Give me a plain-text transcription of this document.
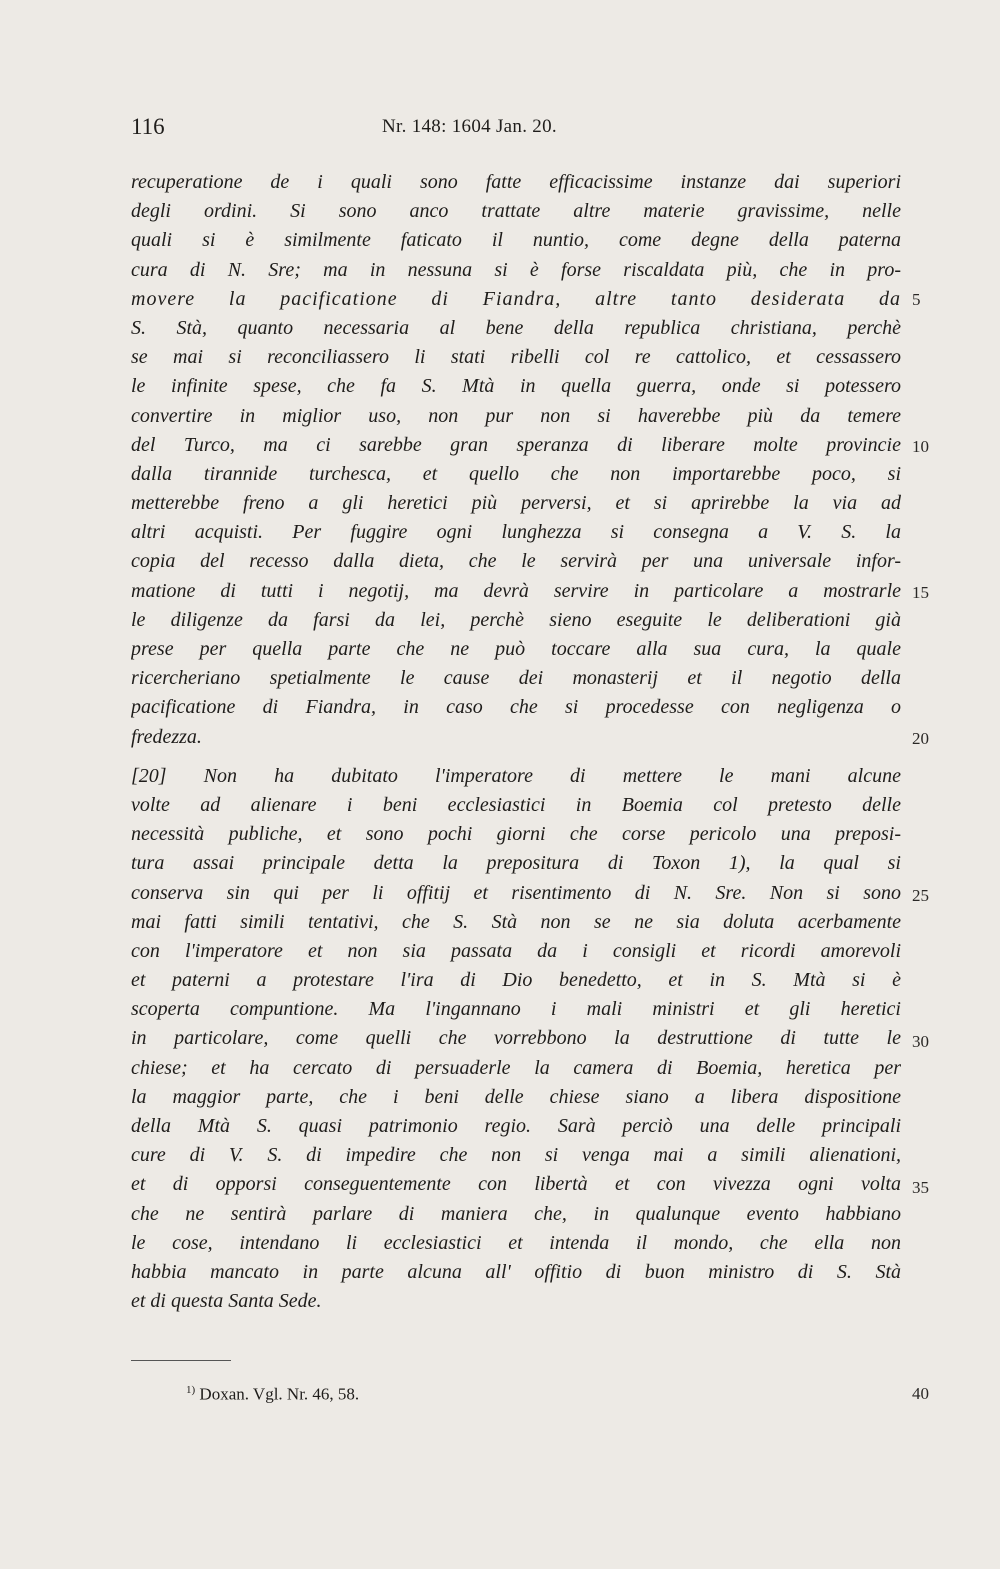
116	Nr. 148: 1604 Jan. 20.
recuperatione de i quali sono fatte efficacissime instanze dai superiori
degli ordini. Si sono anco trattate altre materie gravissime, nelle
quali si è similmente faticato il nuntio, come degne della paterna
cura di N. Sre; ma in nessuna si è forse riscaldata più, che in pro-
movere la pacificatione di Fiandra, altre tanto desiderata da
S. Stà, quanto necessaria al bene della republica christiana, perchè
se mai si reconciliassero li stati ribelli col re cattolico, et cessassero
le infinite spese, che fa S. Mtà in quella guerra, onde si potessero
convertire in miglior uso, non pur non si haverebbe più da temere
del Turco, ma ci sarebbe gran speranza di liberare molte provincie
dalla tirannide turchesca, et quello che non importarebbe poco, si
metterebbe freno a gli heretici più perversi, et si aprirebbe la via ad
altri acquisti. Per fuggire ogni lunghezza si consegna a V. S. la
copia del recesso dalla dieta, che le servirà per una universale infor-
matione di tutti i negotij, ma devrà servire in particolare a mostrarle
le diligenze da farsi da lei, perchè sieno eseguite le deliberationi già
prese per quella parte che ne può toccare alla sua cura, la quale
ricercheriano spetialmente le cause dei monasterij et il negotio della
pacificatione di Fiandra, in caso che si procedesse con negligenza o
fredezza.
[20] Non ha dubitato l'imperatore di mettere le mani alcune
volte ad alienare i beni ecclesiastici in Boemia col pretesto delle
necessità publiche, et sono pochi giorni che corse pericolo una preposi-
tura assai principale detta la prepositura di Toxon 1), la qual si
conserva sin qui per li offitij et risentimento di N. Sre. Non si sono
mai fatti simili tentativi, che S. Stà non se ne sia doluta acerbamente
con l'imperatore et non sia passata da i consigli et ricordi amorevoli
et paterni a protestare l'ira di Dio benedetto, et in S. Mtà si è
scoperta compuntione. Ma l'ingannano i mali ministri et gli heretici
in particolare, come quelli che vorrebbono la destruttione di tutte le
chiese; et ha cercato di persuaderle la camera di Boemia, heretica per
la maggior parte, che i beni delle chiese siano a libera dispositione
della Mtà S. quasi patrimonio regio. Sarà perciò una delle principali
cure di V. S. di impedire che non si venga mai a simili alienationi,
et di opporsi conseguentemente con libertà et con vivezza ogni volta
che ne sentirà parlare di maniera che, in qualunque evento habbiano
le cose, intendano li ecclesiastici et intenda il mondo, che ella non
habbia mancato in parte alcuna all' offitio di buon ministro di S. Stà
et di questa Santa Sede.
5
10
15
20
25
30
35
40
$^{1)}$ Doxan. Vgl. Nr. 46, 58.
